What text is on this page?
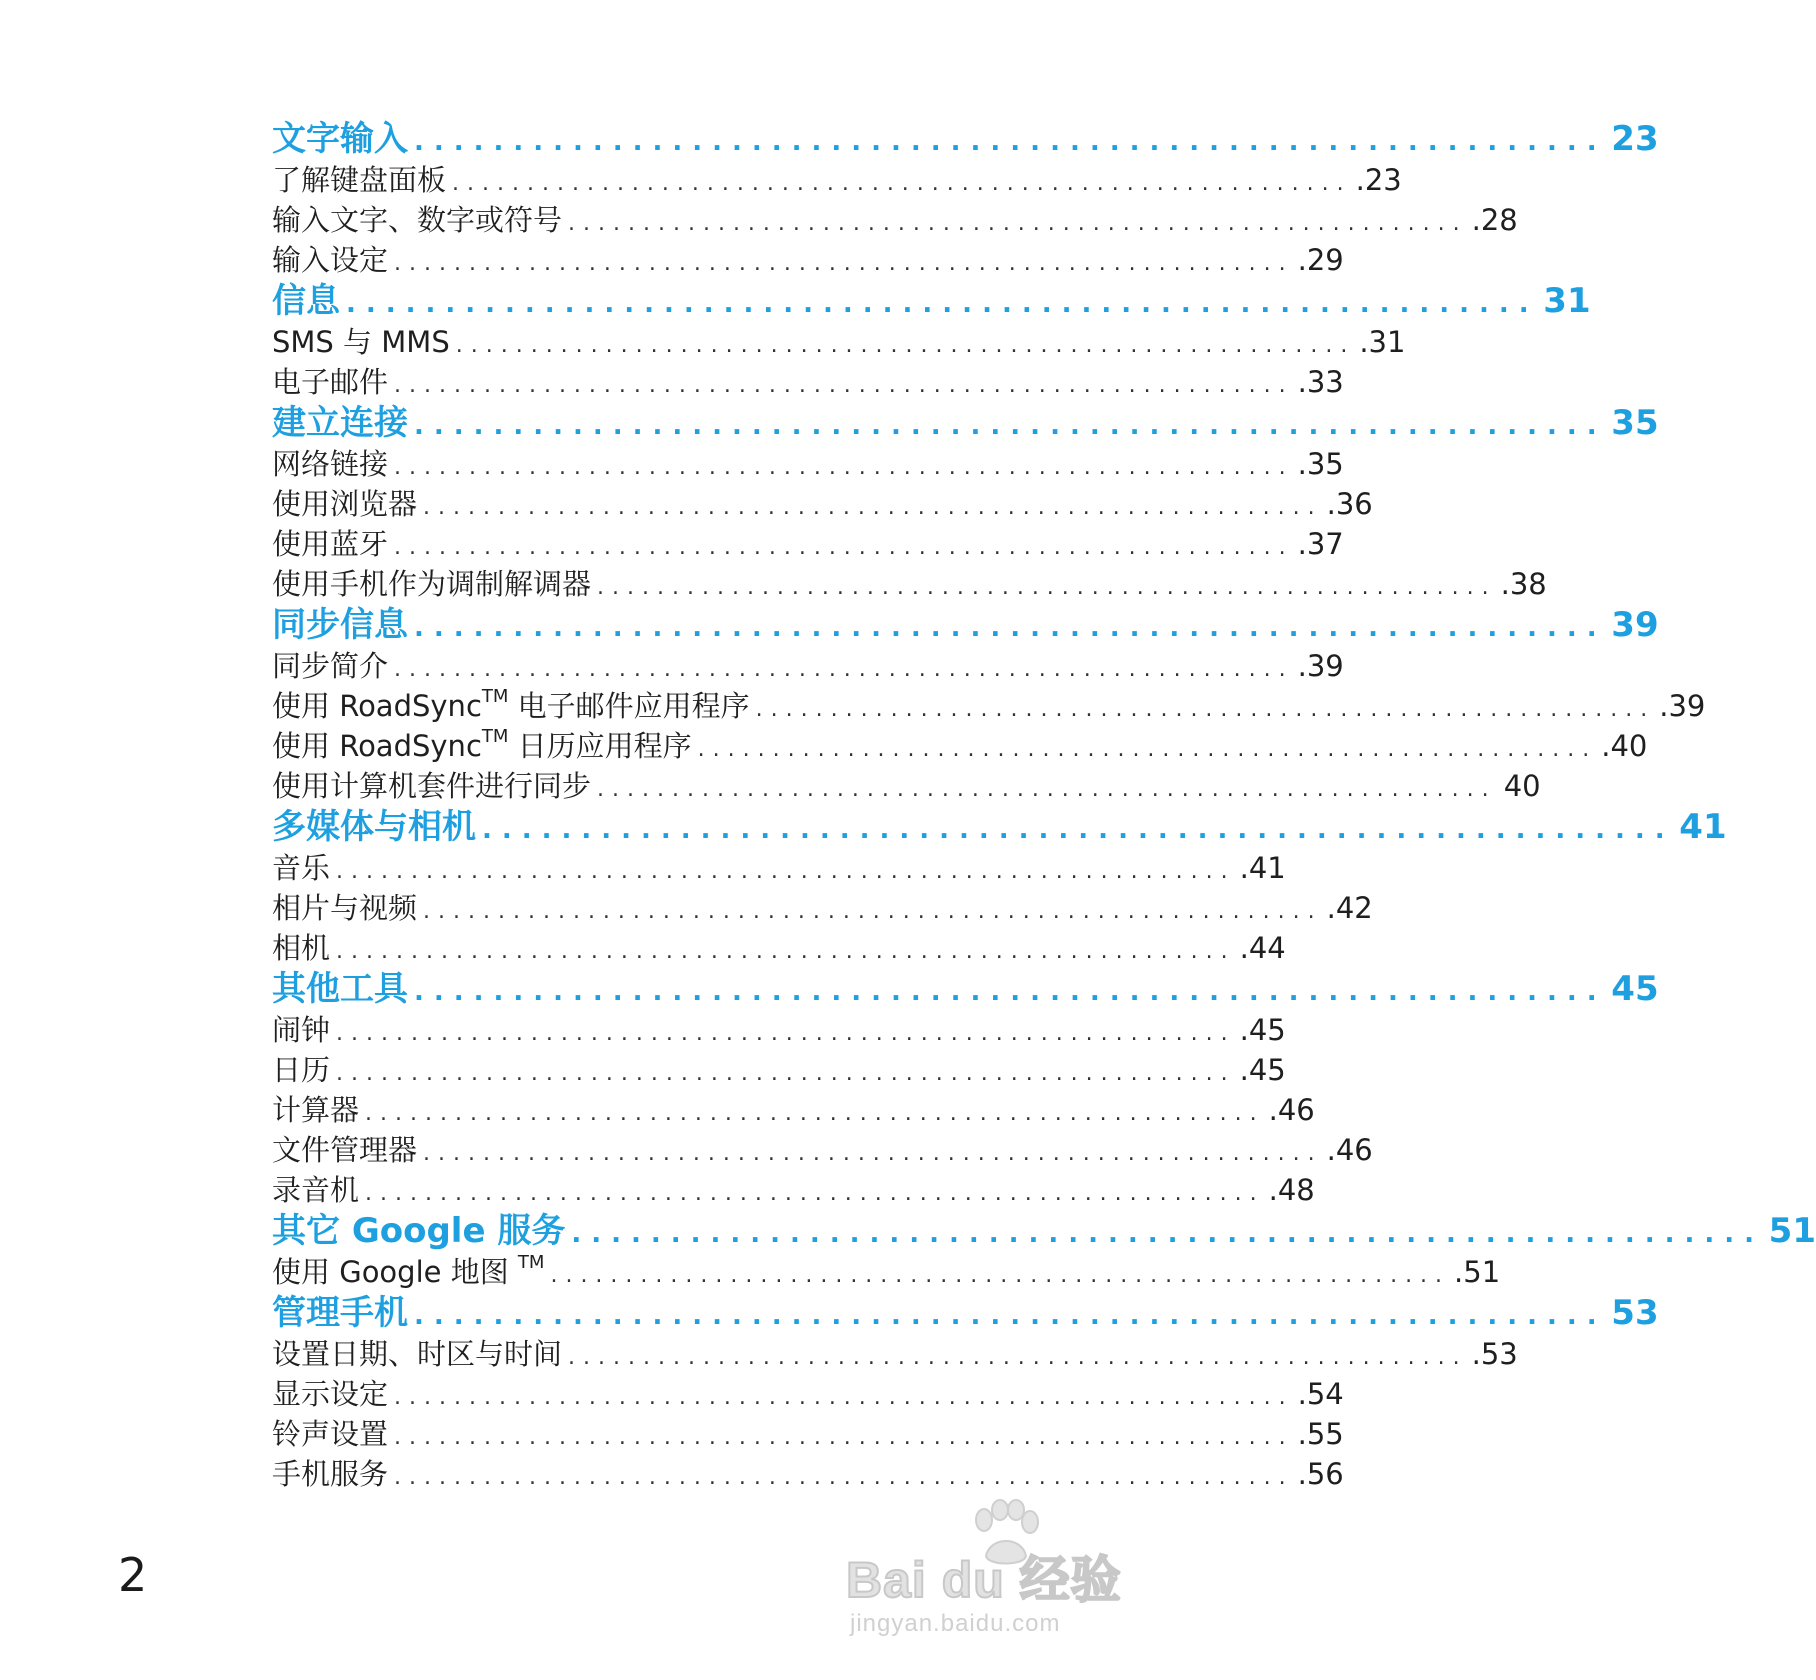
文字输入 ............................................................ 23
了解键盘面板 ............................................................ .23
输入文字、数字或符号 ............................................................ .28
输入设定 ............................................................ .29
信息 ............................................................ 31
SMS 与 MMS ............................................................ .31
电子邮件 ............................................................ .33
建立连接 ............................................................ 35
网络链接 ............................................................ .35
使用浏览器 ............................................................ .36
使用蓝牙 ............................................................ .37
使用手机作为调制解调器 ............................................................ .38
同步信息 ............................................................ 39
同步简介 ............................................................ .39
使用 RoadSync™ 电子邮件应用程序 ............................................................ .39
使用 RoadSync™ 日历应用程序 ............................................................ .40
使用计算机套件进行同步 ............................................................ 40
多媒体与相机 ............................................................ 41
音乐 ............................................................ .41
相片与视频 ............................................................ .42
相机 ............................................................ .44
其他工具 ............................................................ 45
闹钟 ............................................................ .45
日历 ............................................................ .45
计算器 ............................................................ .46
文件管理器 ............................................................ .46
录音机 ............................................................ .48
其它 Google 服务 ............................................................ 51
使用 Google 地图 ™
............................................................ .51
管理手机 ............................................................ 53
设置日期、时区与时间 ............................................................ .53
显示设定 ............................................................ .54
铃声设置 ............................................................ .55
手机服务 ............................................................ .56
2	Bai du 经验
jingyan.baidu.com
